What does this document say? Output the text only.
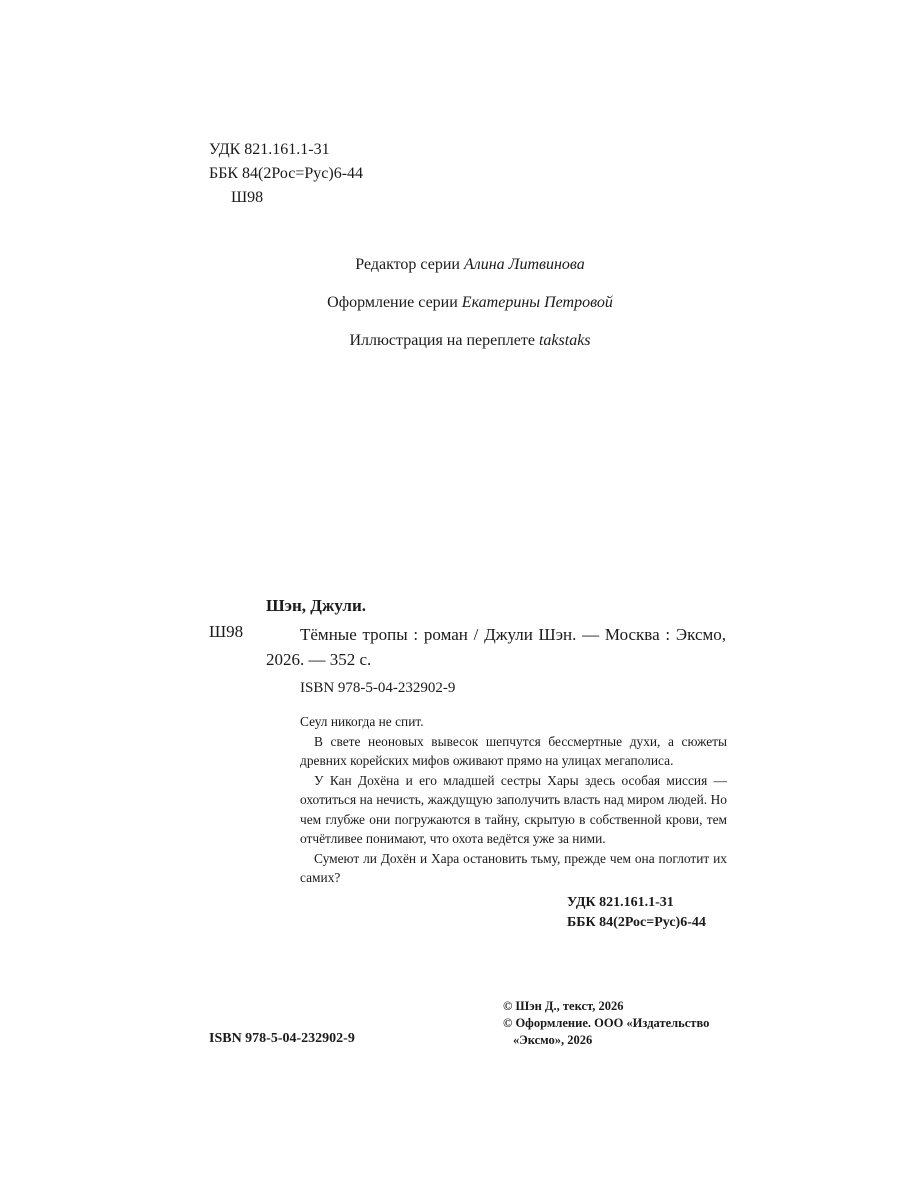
УДК 821.161.1-31
ББК 84(2Рос=Рус)6-44
Ш98
Редактор серии Алина Литвинова
Оформление серии Екатерины Петровой
Иллюстрация на переплете takstaks
Шэн, Джули.
Ш98	Тёмные тропы : роман / Джули Шэн. — Москва : Эксмо, 2026. — 352 с.
ISBN 978-5-04-232902-9

Сеул никогда не спит.

В свете неоновых вывесок шепчутся бессмертные духи, а сюжеты древних корейских мифов оживают прямо на улицах мегаполиса.

У Кан Дохёна и его младшей сестры Хары здесь особая миссия — охотиться на нечисть, жаждущую заполучить власть над миром людей. Но чем глубже они погружаются в тайну, скрытую в собственной крови, тем отчётливее понимают, что охота ведётся уже за ними.

Сумеют ли Дохён и Хара остановить тьму, прежде чем она поглотит их самих?

УДК 821.161.1-31
ББК 84(2Рос=Рус)6-44
© Шэн Д., текст, 2026
© Оформление. ООО «Издательство
«Эксмо», 2026
ISBN 978-5-04-232902-9
